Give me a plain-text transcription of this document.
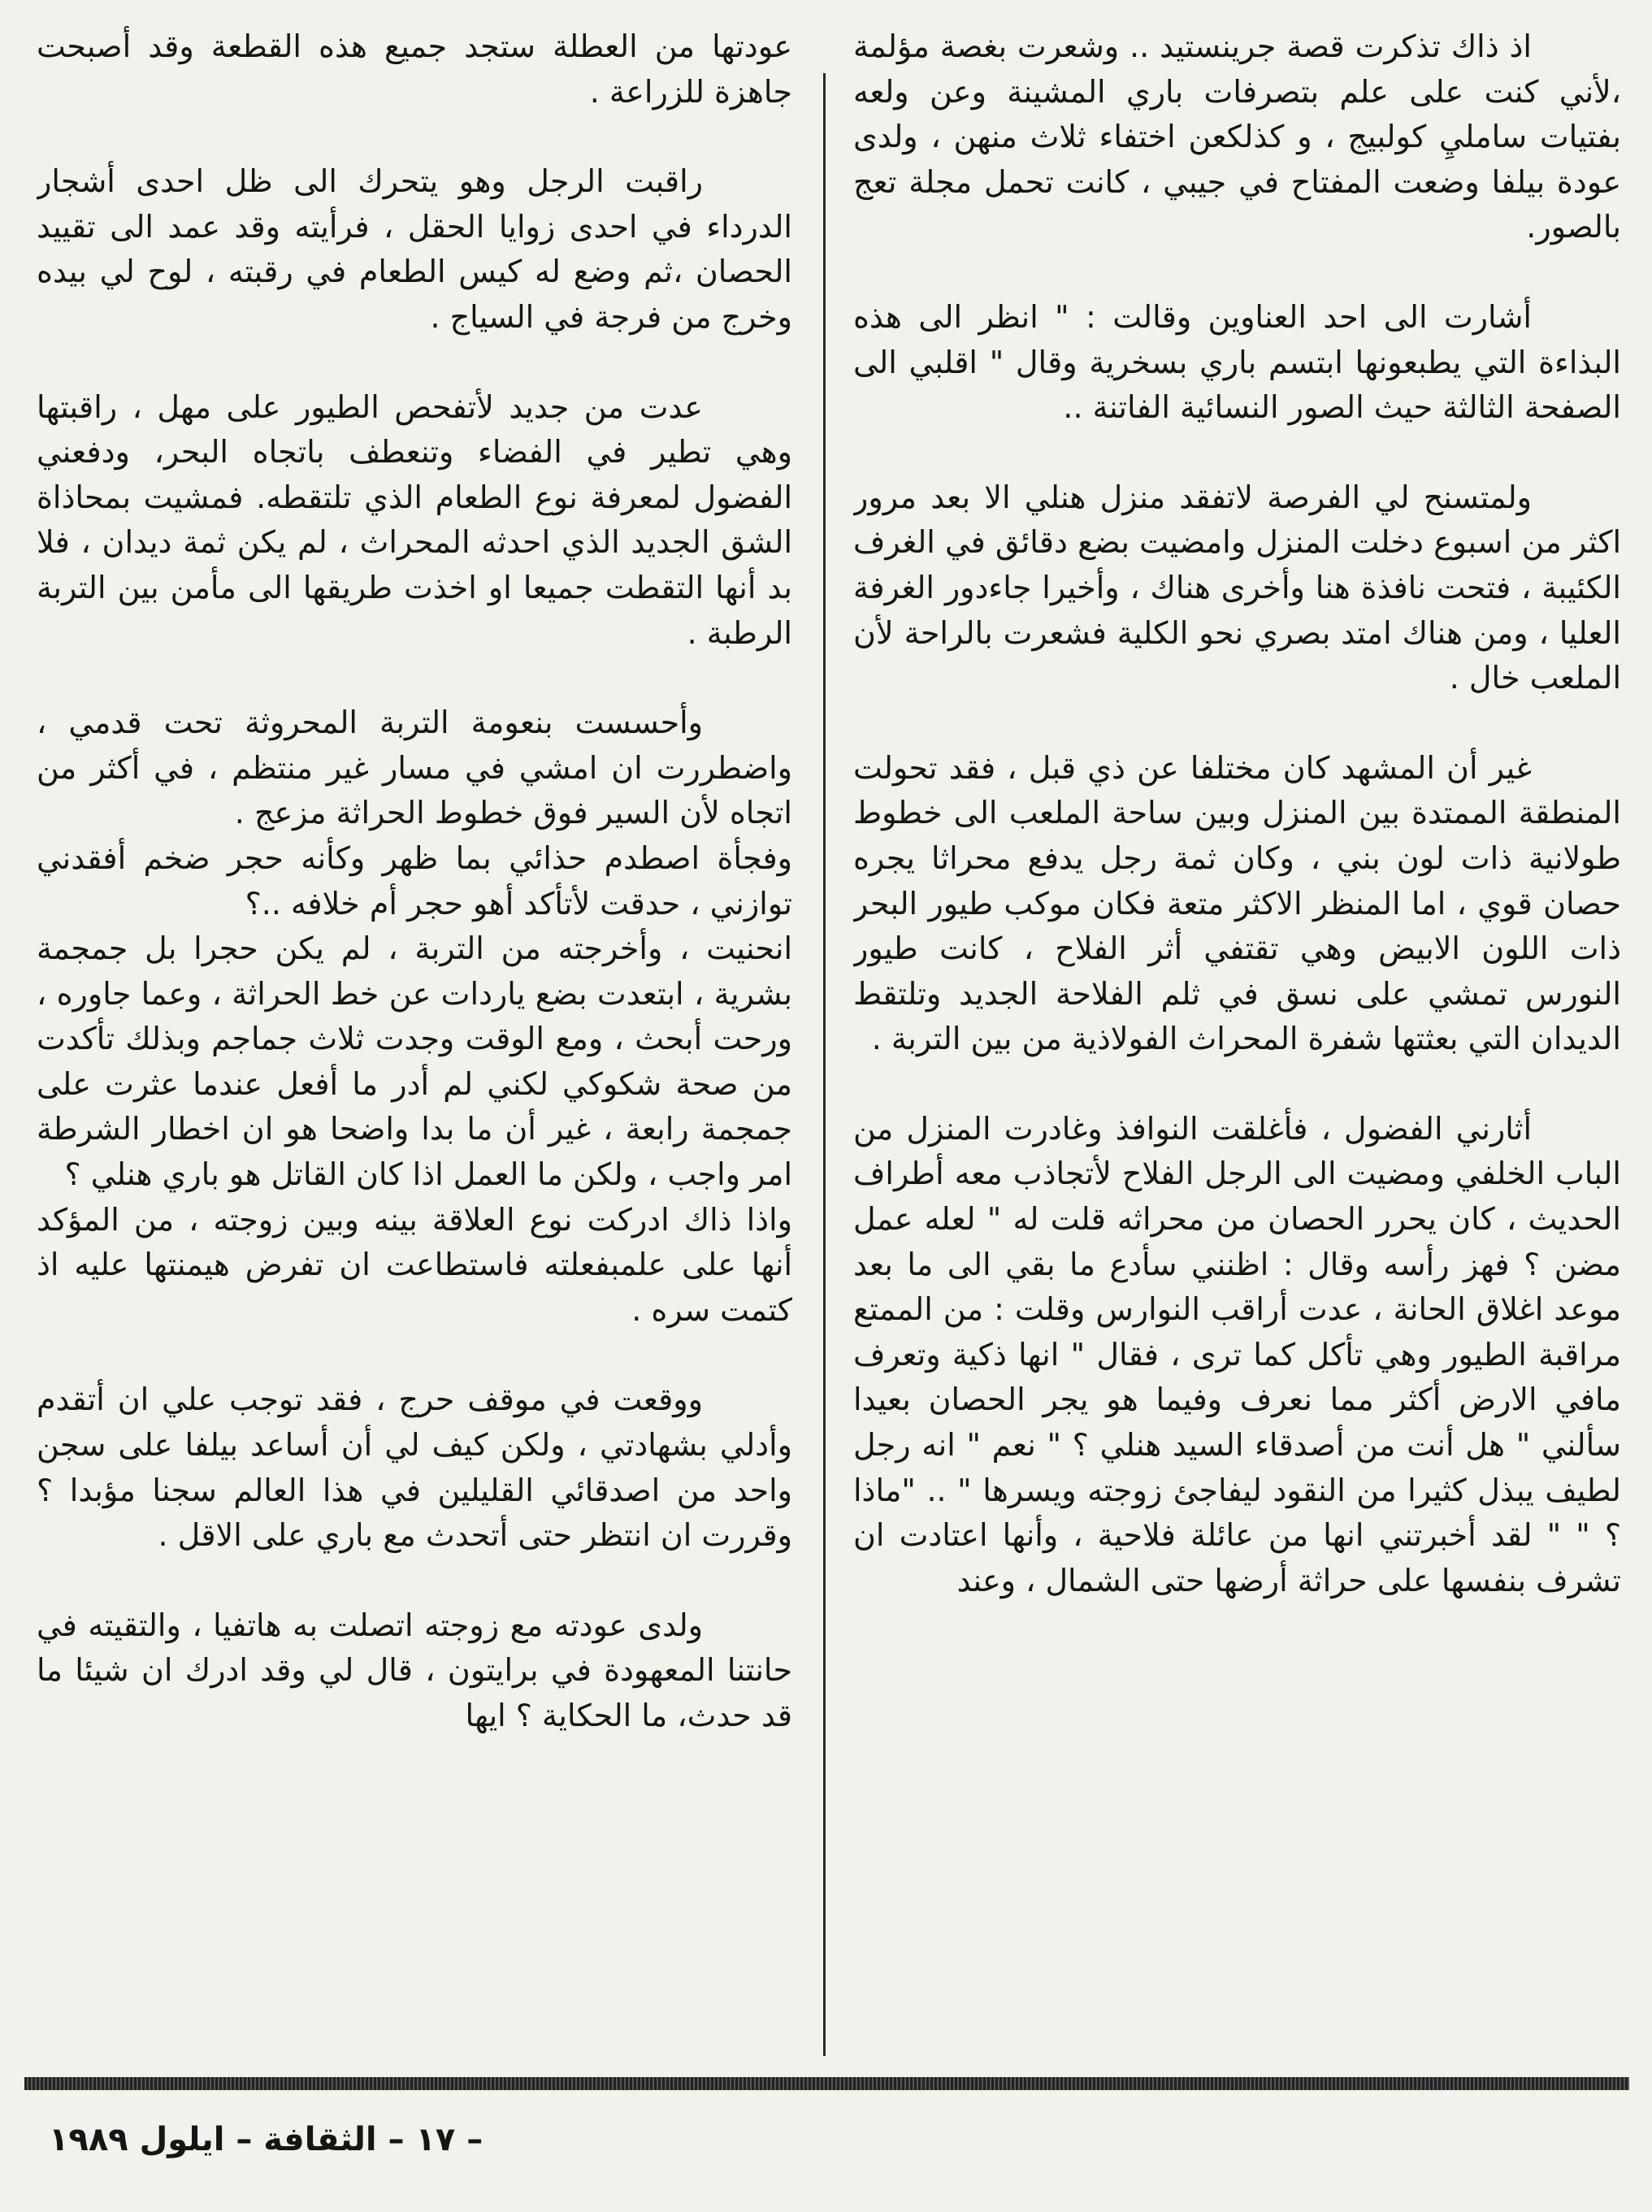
اذ ذاك تذكرت قصة جرينستيد .. وشعرت بغصة مؤلمة ،لأني كنت على علم بتصرفات باري المشينة وعن ولعه بفتيات سامليِ كولبيج ، و كذلكعن اختفاء ثلاث منهن ، ولدى عودة بيلفا وضعت المفتاح في جيبي ، كانت تحمل مجلة تعج بالصور.

أشارت الى احد العناوين وقالت : " انظر الى هذه البذاءة التي يطبعونها ابتسم باري بسخرية وقال " اقلبي الى الصفحة الثالثة حيث الصور النسائية الفاتنة ..

ولمتسنح لي الفرصة لاتفقد منزل هنلي الا بعد مرور اكثر من اسبوع دخلت المنزل وامضيت بضع دقائق في الغرف الكئيبة ، فتحت نافذة هنا وأخرى هناك ، وأخيرا جاءدور الغرفة العليا ، ومن هناك امتد بصري نحو الكلية فشعرت بالراحة لأن الملعب خال .

غير أن المشهد كان مختلفا عن ذي قبل ، فقد تحولت المنطقة الممتدة بين المنزل وبين ساحة الملعب الى خطوط طولانية ذات لون بني ، وكان ثمة رجل يدفع محراثا يجره حصان قوي ، اما المنظر الاكثر متعة فكان موكب طيور البحر ذات اللون الابيض وهي تقتفي أثر الفلاح ، كانت طيور النورس تمشي على نسق في ثلم الفلاحة الجديد وتلتقط الديدان التي بعثتها شفرة المحراث الفولاذية من بين التربة .

أثارني الفضول ، فأغلقت النوافذ وغادرت المنزل من الباب الخلفي ومضيت الى الرجل الفلاح لأتجاذب معه أطراف الحديث ، كان يحرر الحصان من محراثه قلت له " لعله عمل مضن ؟ فهز رأسه وقال : اظنني سأدع ما بقي الى ما بعد موعد اغلاق الحانة ، عدت أراقب النوارس وقلت : من الممتع مراقبة الطيور وهي تأكل كما ترى ، فقال " انها ذكية وتعرف مافي الارض أكثر مما نعرف وفيما هو يجر الحصان بعيدا سألني " هل أنت من أصدقاء السيد هنلي ؟ " نعم " انه رجل لطيف يبذل كثيرا من النقود ليفاجئ زوجته ويسرها " .. "ماذا ؟ " " لقد أخبرتني انها من عائلة فلاحية ، وأنها اعتادت ان تشرف بنفسها على حراثة أرضها حتى الشمال ، وعند

عودتها من العطلة ستجد جميع هذه القطعة وقد أصبحت جاهزة للزراعة .

راقبت الرجل وهو يتحرك الى ظل احدى أشجار الدرداء في احدى زوايا الحقل ، فرأيته وقد عمد الى تقييد الحصان ،ثم وضع له كيس الطعام في رقبته ، لوح لي بيده وخرج من فرجة في السياج .

عدت من جديد لأتفحص الطيور على مهل ، راقبتها وهي تطير في الفضاء وتنعطف باتجاه البحر، ودفعني الفضول لمعرفة نوع الطعام الذي تلتقطه. فمشيت بمحاذاة الشق الجديد الذي احدثه المحراث ، لم يكن ثمة ديدان ، فلا بد أنها التقطت جميعا او اخذت طريقها الى مأمن بين التربة الرطبة .

وأحسست بنعومة التربة المحروثة تحت قدمي ، واضطررت ان امشي في مسار غير منتظم ، في أكثر من اتجاه لأن السير فوق خطوط الحراثة مزعج .

وفجأة اصطدم حذائي بما ظهر وكأنه حجر ضخم أفقدني توازني ، حدقت لأتأكد أهو حجر أم خلافه ..؟

انحنيت ، وأخرجته من التربة ، لم يكن حجرا بل جمجمة بشرية ، ابتعدت بضع ياردات عن خط الحراثة ، وعما جاوره ، ورحت أبحث ، ومع الوقت وجدت ثلاث جماجم وبذلك تأكدت من صحة شكوكي لكني لم أدر ما أفعل عندما عثرت على جمجمة رابعة ، غير أن ما بدا واضحا هو ان اخطار الشرطة امر واجب ، ولكن ما العمل اذا كان القاتل هو باري هنلي ؟

واذا ذاك ادركت نوع العلاقة بينه وبين زوجته ، من المؤكد أنها على علمبفعلته فاستطاعت ان تفرض هيمنتها عليه اذ كتمت سره .

ووقعت في موقف حرج ، فقد توجب علي ان أتقدم وأدلي بشهادتي ، ولكن كيف لي أن أساعد بيلفا على سجن واحد من اصدقائي القليلين في هذا العالم سجنا مؤبدا ؟ وقررت ان انتظر حتى أتحدث مع باري على الاقل .

ولدى عودته مع زوجته اتصلت به هاتفيا ، والتقيته في حانتنا المعهودة في برايتون ، قال لي وقد ادرك ان شيئا ما قد حدث، ما الحكاية ؟ ايها

– ١٧ – الثقافة – ايلول ١٩٨٩
